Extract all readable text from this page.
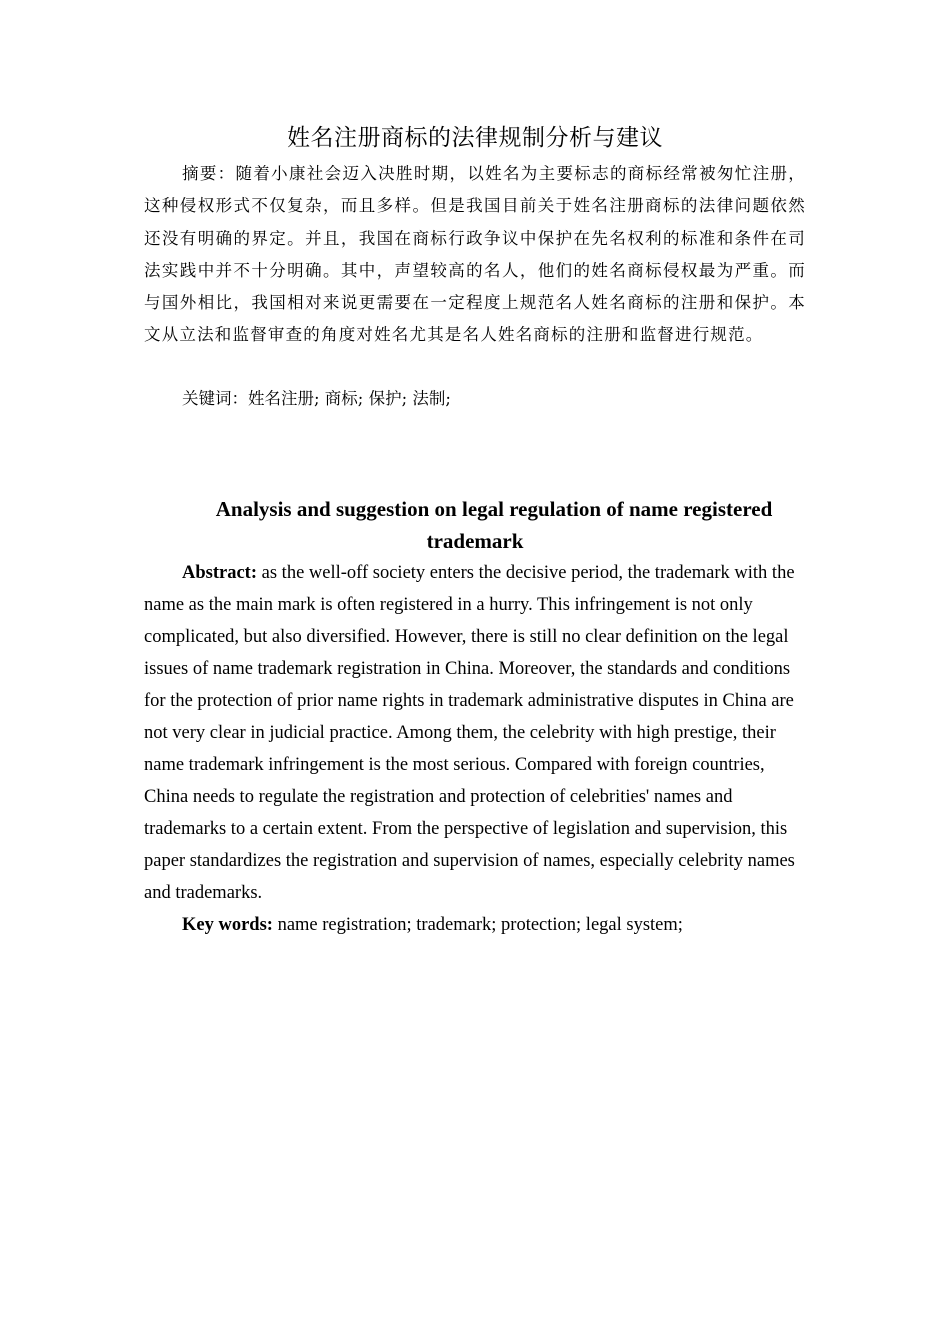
姓名注册商标的法律规制分析与建议

摘要：随着小康社会迈入决胜时期，以姓名为主要标志的商标经常被匆忙注册，这种侵权形式不仅复杂，而且多样。但是我国目前关于姓名注册商标的法律问题依然还没有明确的界定。并且，我国在商标行政争议中保护在先名权利的标准和条件在司法实践中并不十分明确。其中，声望较高的名人，他们的姓名商标侵权最为严重。而与国外相比，我国相对来说更需要在一定程度上规范名人姓名商标的注册和保护。本文从立法和监督审查的角度对姓名尤其是名人姓名商标的注册和监督进行规范。

关键词：姓名注册; 商标; 保护; 法制;

Analysis and suggestion on legal regulation of name registered
trademark

Abstract: as the well-off society enters the decisive period, the trademark with the name as the main mark is often registered in a hurry. This infringement is not only complicated, but also diversified. However, there is still no clear definition on the legal issues of name trademark registration in China. Moreover, the standards and conditions for the protection of prior name rights in trademark administrative disputes in China are not very clear in judicial practice. Among them, the celebrity with high prestige, their name trademark infringement is the most serious. Compared with foreign countries, China needs to regulate the registration and protection of celebrities' names and trademarks to a certain extent. From the perspective of legislation and supervision, this paper standardizes the registration and supervision of names, especially celebrity names and trademarks.

Key words: name registration; trademark; protection; legal system;
